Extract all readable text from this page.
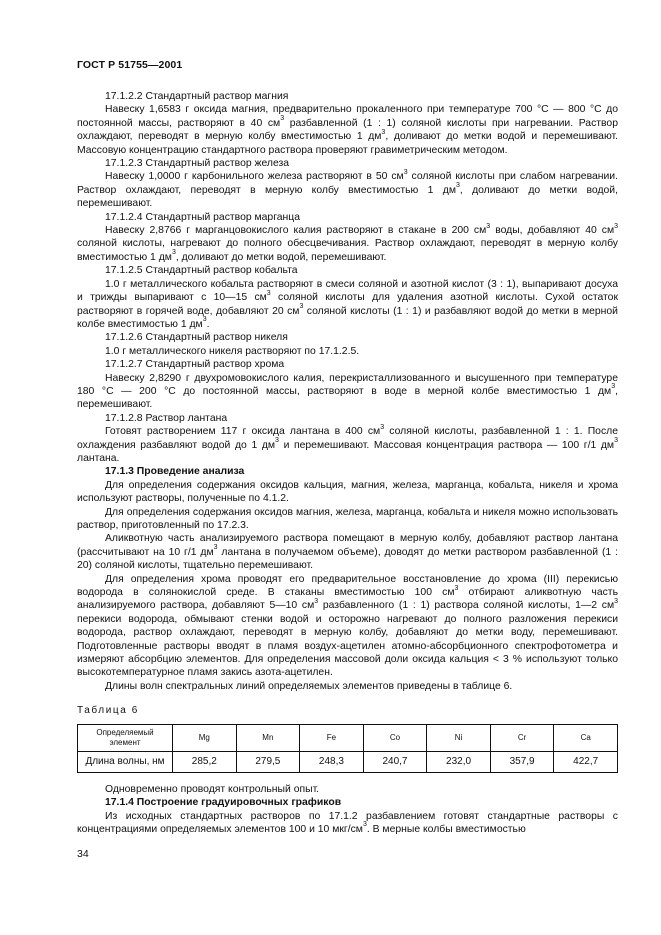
ГОСТ Р 51755—2001

17.1.2.2 Стандартный раствор магния

Навеску 1,6583 г оксида магния, предварительно прокаленного при температуре 700 °С — 800 °С до постоянной массы, растворяют в 40 $см^3$ разбавленной (1 : 1) соляной кислоты при нагревании. Раствор охлаждают, переводят в мерную колбу вместимостью 1 $дм^3$, доливают до метки водой и перемешивают. Массовую концентрацию стандартного раствора проверяют гравиметрическим методом.

17.1.2.3 Стандартный раствор железа

Навеску 1,0000 г карбонильного железа растворяют в 50 $см^3$ соляной кислоты при слабом нагревании. Раствор охлаждают, переводят в мерную колбу вместимостью 1 $дм^3$, доливают до метки водой, перемешивают.

17.1.2.4 Стандартный раствор марганца

Навеску 2,8766 г марганцовокислого калия растворяют в стакане в 200 $см^3$ воды, добавляют 40 $см^3$ соляной кислоты, нагревают до полного обесцвечивания. Раствор охлаждают, переводят в мерную колбу вместимостью 1 $дм^3$, доливают до метки водой, перемешивают.

17.1.2.5 Стандартный раствор кобальта

1.0 г металлического кобальта растворяют в смеси соляной и азотной кислот (3 : 1), выпаривают досуха и трижды выпаривают с 10—15 $см^3$ соляной кислоты для удаления азотной кислоты. Сухой остаток растворяют в горячей воде, добавляют 20 $см^3$ соляной кислоты (1 : 1) и разбавляют водой до метки в мерной колбе вместимостью 1 $дм^3$.

17.1.2.6 Стандартный раствор никеля

1.0 г металлического никеля растворяют по 17.1.2.5.

17.1.2.7 Стандартный раствор хрома

Навеску 2,8290 г двухромовокислого калия, перекристаллизованного и высушенного при температуре 180 °С — 200 °С до постоянной массы, растворяют в воде в мерной колбе вместимостью 1 $дм^3$, перемешивают.

17.1.2.8 Раствор лантана

Готовят растворением 117 г оксида лантана в 400 $см^3$ соляной кислоты, разбавленной 1 : 1. После охлаждения разбавляют водой до 1 $дм^3$ и перемешивают. Массовая концентрация раствора — 100 г/1 $дм^3$ лантана.

17.1.3 Проведение анализа

Для определения содержания оксидов кальция, магния, железа, марганца, кобальта, никеля и хрома используют растворы, полученные по 4.1.2.

Для определения содержания оксидов магния, железа, марганца, кобальта и никеля можно использовать раствор, приготовленный по 17.2.3.

Аликвотную часть анализируемого раствора помещают в мерную колбу, добавляют раствор лантана (рассчитывают на 10 г/1 $дм^3$ лантана в получаемом объеме), доводят до метки раствором разбавленной (1 : 20) соляной кислоты, тщательно перемешивают.

Для определения хрома проводят его предварительное восстановление до хрома (III) перекисью водорода в солянокислой среде. В стаканы вместимостью 100 $см^3$ отбирают аликвотную часть анализируемого раствора, добавляют 5—10 $см^3$ разбавленного (1 : 1) раствора соляной кислоты, 1—2 $см^3$ перекиси водорода, обмывают стенки водой и осторожно нагревают до полного разложения перекиси водорода, раствор охлаждают, переводят в мерную колбу, добавляют до метки воду, перемешивают. Подготовленные растворы вводят в пламя воздух-ацетилен атомно-абсорбционного спектрофотометра и измеряют абсорбцию элементов. Для определения массовой доли оксида кальция < 3 % используют только высокотемпературное пламя закись азота-ацетилен.

Длины волн спектральных линий определяемых элементов приведены в таблице 6.

Таблица 6

Определяемый элемент	Mg	Mn	Fe	Co	Ni	Cr	Ca
Длина волны, нм	285,2	279,5	248,3	240,7	232,0	357,9	422,7

Одновременно проводят контрольный опыт.

17.1.4 Построение градуировочных графиков

Из исходных стандартных растворов по 17.1.2 разбавлением готовят стандартные растворы с концентрациями определяемых элементов 100 и 10 мкг/$см^3$. В мерные колбы вместимостью

34
